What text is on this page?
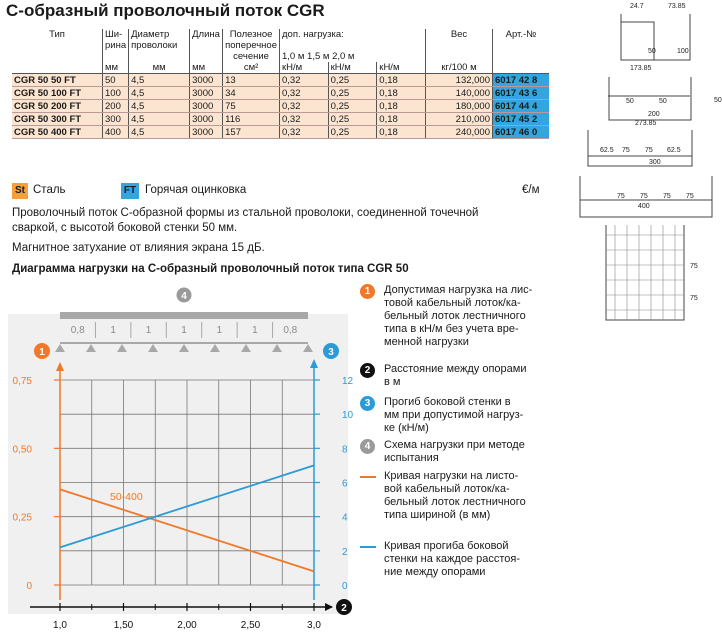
С-образный проволочный поток CGR
Тип	Ши-
рина	Диаметр
проволоки	Длина	Полезное
поперечное
сечение	доп. нагрузка:

1,0 м 1,5 м 2,0 м			Вес	Арт.-№
	мм	мм	мм	см²	кН/м	кН/м	кН/м	кг/100 м	
CGR 50 50 FT	50	4,5	3000	13	0,32	0,25	0,18	132,000	6017 42 8
CGR 50 100 FT	100	4,5	3000	34	0,32	0,25	0,18	140,000	6017 43 6
CGR 50 200 FT	200	4,5	3000	75	0,32	0,25	0,18	180,000	6017 44 4
CGR 50 300 FT	300	4,5	3000	116	0,32	0,25	0,18	210,000	6017 45 2
CGR 50 400 FT	400	4,5	3000	157	0,32	0,25	0,18	240,000	6017 46 0
St Сталь	FT Горячая оцинковка	€/м
Проволочный поток С-образной формы из стальной проволоки, соединенной точечной
сваркой, с высотой боковой стенки 50 мм.
Магнитное затухание от влияния экрана 15 дБ.
Диаграмма нагрузки на С-образный проволочный поток типа CGR 50
0,8	1	1	1	1	1	0,8
4
1	3
2
0
0,25
0,50
0,75
0
2
4
6
8
10
12
1,0	1,50	2,00	2,50	3,0
50-400
1	Допустимая нагрузка на лис-
товой кабельный лоток/ка-
бельный лоток лестничного
типа в кН/м без учета вре-
менной нагрузки
2	Расстояние между опорами
в м
3	Прогиб боковой стенки в
мм при допустимой нагруз-
ке (кН/м)
4	Схема нагрузки при методе
испытания
Кривая нагрузки на листо-
вой кабельный лоток/ка-
бельный лоток лестничного
типа шириной (в мм)
Кривая прогиба боковой
стенки на каждое расстоя-
ние между опорами
24.7	73.85
50	100
173.85
50	50
200
273.85
62.5 75 75 62.5
300
75 75 75 75
400
50
75
75
